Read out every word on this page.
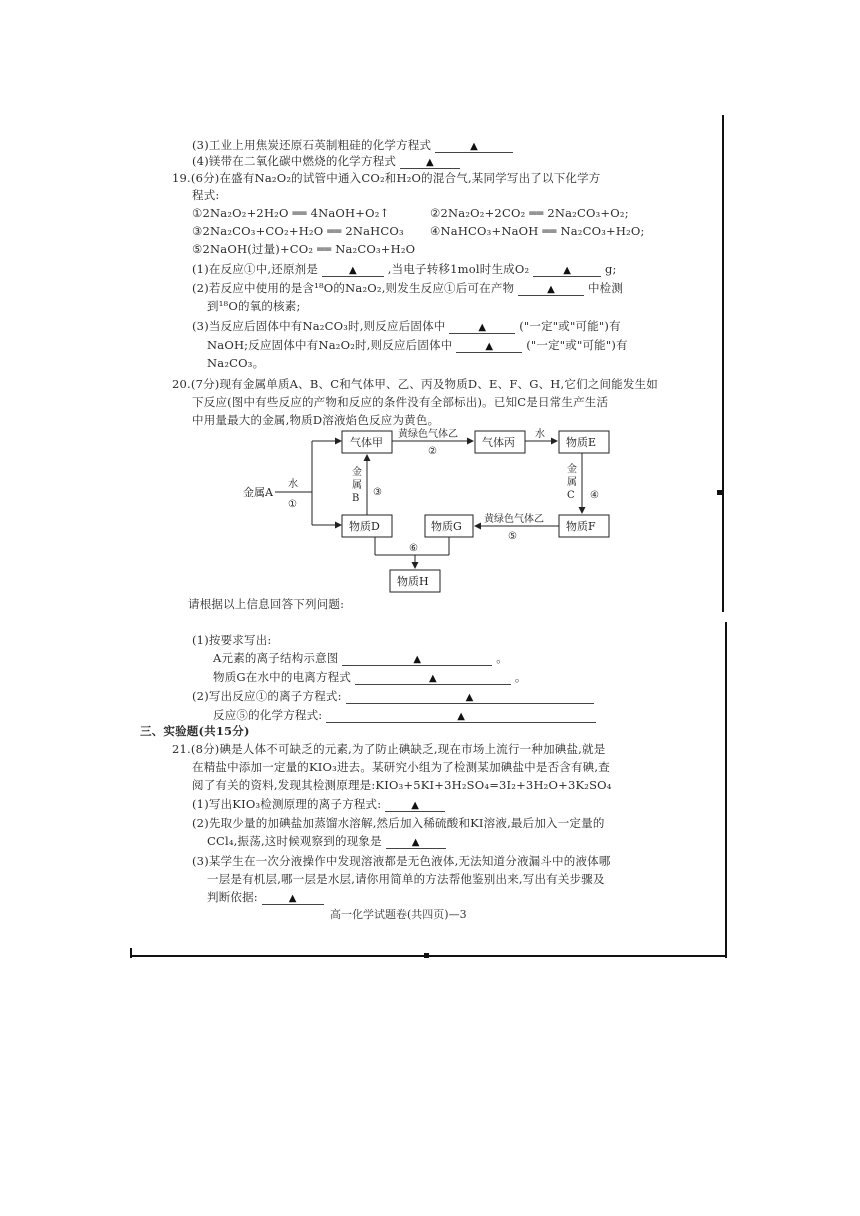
(3)工业上用焦炭还原石英制粗硅的化学方程式	▲
(4)镁带在二氧化碳中燃烧的化学方程式	▲
19.(6分)在盛有Na₂O₂的试管中通入CO₂和H₂O的混合气,某同学写出了以下化学方
程式:
①2Na₂O₂+2H₂O ══ 4NaOH+O₂↑	②2Na₂O₂+2CO₂ ══ 2Na₂CO₃+O₂;
③2Na₂CO₃+CO₂+H₂O ══ 2NaHCO₃ ④NaHCO₃+NaOH ══ Na₂CO₃+H₂O;
⑤2NaOH(过量)+CO₂ ══ Na₂CO₃+H₂O
(1)在反应①中,还原剂是	▲	,当电子转移1mol时生成O₂	▲	g;
(2)若反应中使用的是含¹⁸O的Na₂O₂,则发生反应①后可在产物	▲	中检测
到¹⁸O的氧的核素;
(3)当反应后固体中有Na₂CO₃时,则反应后固体中	▲	("一定"或"可能")有
NaOH;反应固体中有Na₂O₂时,则反应后固体中	▲	("一定"或"可能")有
Na₂CO₃。
20.(7分)现有金属单质A、B、C和气体甲、乙、丙及物质D、E、F、G、H,它们之间能发生如
下反应(图中有些反应的产物和反应的条件没有全部标出)。已知C是日常生产生活
中用量最大的金属,物质D溶液焰色反应为黄色。
金属A
水
①
气体甲
黄绿色气体乙
②
气体丙
水
物质E
金
属
C ④
物质F
黄绿色气体乙
⑤
物质G
物质D
金
属
B
③
⑥
物质H
请根据以上信息回答下列问题:
(1)按要求写出:
A元素的离子结构示意图	▲	。
物质G在水中的电离方程式	▲	。
(2)写出反应①的离子方程式:	▲
反应⑤的化学方程式:	▲
三、实验题(共15分)
21.(8分)碘是人体不可缺乏的元素,为了防止碘缺乏,现在市场上流行一种加碘盐,就是
在精盐中添加一定量的KIO₃进去。某研究小组为了检测某加碘盐中是否含有碘,查
阅了有关的资料,发现其检测原理是:KIO₃+5KI+3H₂SO₄=3I₂+3H₂O+3K₂SO₄
(1)写出KIO₃检测原理的离子方程式:	▲
(2)先取少量的加碘盐加蒸馏水溶解,然后加入稀硫酸和KI溶液,最后加入一定量的
CCl₄,振荡,这时候观察到的现象是	▲
(3)某学生在一次分液操作中发现溶液都是无色液体,无法知道分液漏斗中的液体哪
一层是有机层,哪一层是水层,请你用简单的方法帮他鉴别出来,写出有关步骤及
判断依据:	▲
高一化学试题卷(共四页)—3
